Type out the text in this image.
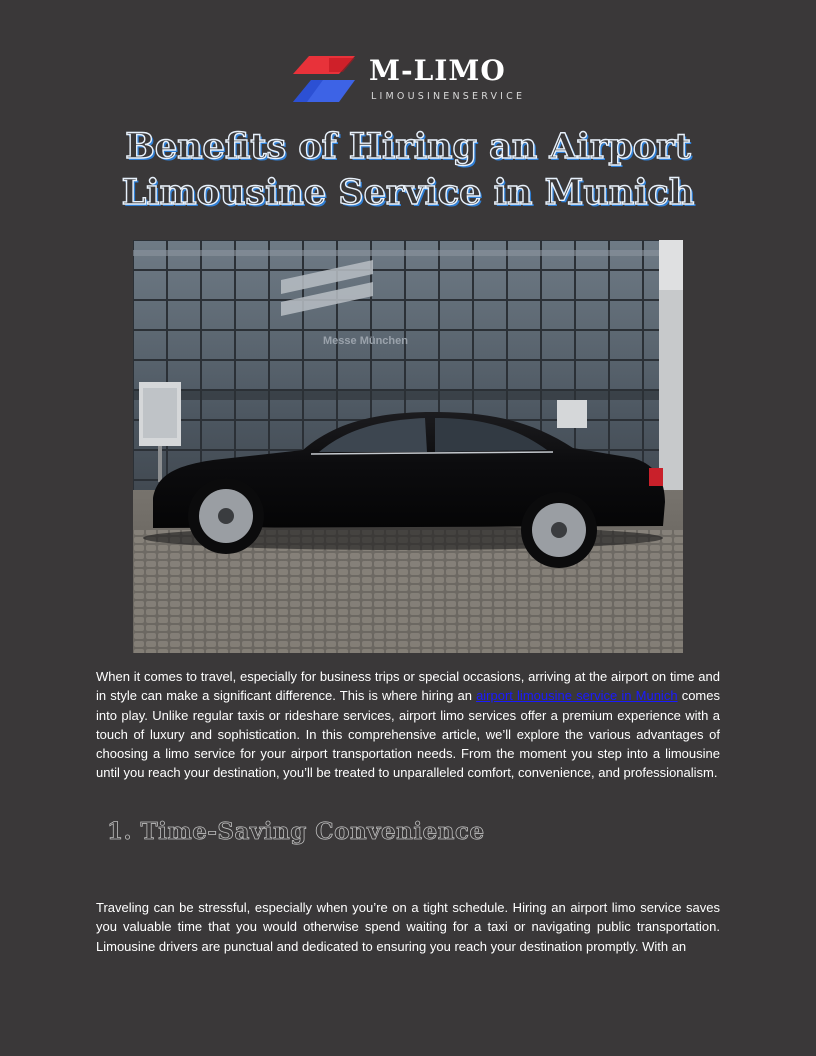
M-LIMO
LIMOUSINENSERVICE
Benefits of Hiring an Airport
Limousine Service in Munich
Messe München

When it comes to travel, especially for business trips or special occasions, arriving at the airport on time and in style can make a significant difference. This is where hiring an airport limousine service in Munich comes into play. Unlike regular taxis or rideshare services, airport limo services offer a premium experience with a touch of luxury and sophistication. In this comprehensive article, we’ll explore the various advantages of choosing a limo service for your airport transportation needs. From the moment you step into a limousine until you reach your destination, you’ll be treated to unparalleled comfort, convenience, and professionalism.

1. Time-Saving Convenience

Traveling can be stressful, especially when you’re on a tight schedule. Hiring an airport limo service saves you valuable time that you would otherwise spend waiting for a taxi or navigating public transportation. Limousine drivers are punctual and dedicated to ensuring you reach your destination promptly. With an
